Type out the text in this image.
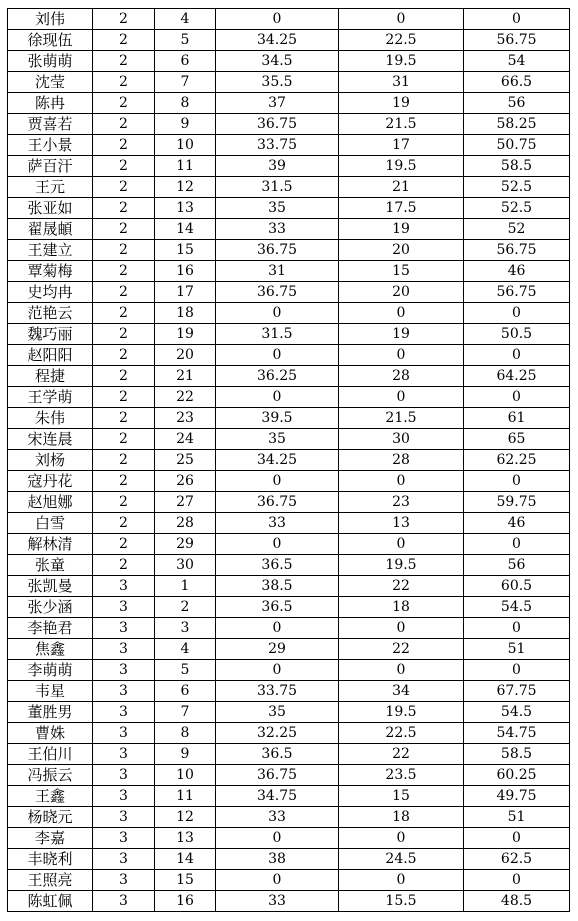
刘伟	2	4	0	0	0
徐现伍	2	5	34.25	22.5	56.75
张萌萌	2	6	34.5	19.5	54
沈莹	2	7	35.5	31	66.5
陈冉	2	8	37	19	56
贾喜若	2	9	36.75	21.5	58.25
王小景	2	10	33.75	17	50.75
萨百汗	2	11	39	19.5	58.5
王元	2	12	31.5	21	52.5
张亚如	2	13	35	17.5	52.5
翟晟頔	2	14	33	19	52
王建立	2	15	36.75	20	56.75
覃菊梅	2	16	31	15	46
史均冉	2	17	36.75	20	56.75
范艳云	2	18	0	0	0
魏巧丽	2	19	31.5	19	50.5
赵阳阳	2	20	0	0	0
程捷	2	21	36.25	28	64.25
王学萌	2	22	0	0	0
朱伟	2	23	39.5	21.5	61
宋连晨	2	24	35	30	65
刘杨	2	25	34.25	28	62.25
寇丹花	2	26	0	0	0
赵旭娜	2	27	36.75	23	59.75
白雪	2	28	33	13	46
解林清	2	29	0	0	0
张童	2	30	36.5	19.5	56
张凯曼	3	1	38.5	22	60.5
张少涵	3	2	36.5	18	54.5
李艳君	3	3	0	0	0
焦鑫	3	4	29	22	51
李萌萌	3	5	0	0	0
韦星	3	6	33.75	34	67.75
董胜男	3	7	35	19.5	54.5
曹姝	3	8	32.25	22.5	54.75
王伯川	3	9	36.5	22	58.5
冯振云	3	10	36.75	23.5	60.25
王鑫	3	11	34.75	15	49.75
杨晓元	3	12	33	18	51
李嘉	3	13	0	0	0
丰晓利	3	14	38	24.5	62.5
王照亮	3	15	0	0	0
陈虹佩	3	16	33	15.5	48.5
